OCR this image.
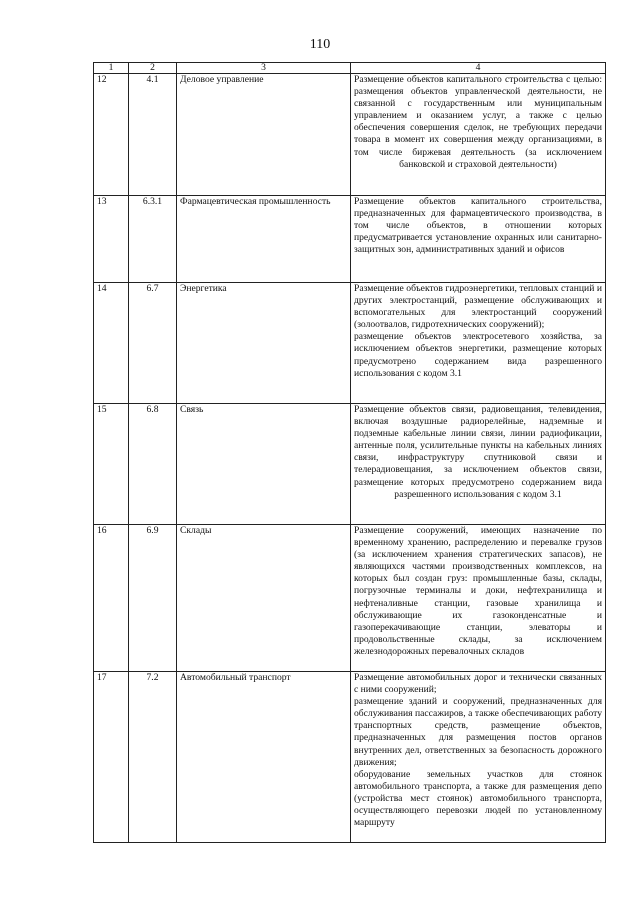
110
1	2	3	4
12	4.1	Деловое управление	Размещение объектов капитального строительства с целью: размещения объектов управленческой деятельности, не связанной с государственным или муниципальным управлением и оказанием услуг, а также с целью обеспечения совершения сделок, не требующих передачи товара в момент их совершения между организациями, в том числе биржевая деятельность (за исключением банковской и страховой деятельности)

13	6.3.1	Фармацевтическая промышленность	Размещение объектов капитального строительства, предназначенных для фармацевтического производства, в том числе объектов, в отношении которых предусматривается установление охранных или санитарно-защитных зон, административных зданий и офисов

14	6.7	Энергетика	Размещение объектов гидроэнергетики, тепловых станций и других электростанций, размещение обслуживающих и вспомогательных для электростанций сооружений (золоотвалов, гидротехнических сооружений);

размещение объектов электросетевого хозяйства, за исключением объектов энергетики, размещение которых предусмотрено содержанием вида разрешенного использования с кодом 3.1

15	6.8	Связь	Размещение объектов связи, радиовещания, телевидения, включая воздушные радиорелейные, надземные и подземные кабельные линии связи, линии радиофикации, антенные поля, усилительные пункты на кабельных линиях связи, инфраструктуру спутниковой связи и телерадиовещания, за исключением объектов связи, размещение которых предусмотрено содержанием вида разрешенного использования с кодом 3.1

16	6.9	Склады	Размещение сооружений, имеющих назначение по временному хранению, распределению и перевалке грузов (за исключением хранения стратегических запасов), не являющихся частями производственных комплексов, на которых был создан груз: промышленные базы, склады, погрузочные терминалы и доки, нефтехранилища и нефтеналивные станции, газовые хранилища и обслуживающие их газоконденсатные и газоперекачивающие станции, элеваторы и продовольственные склады, за исключением железнодорожных перевалочных складов

17	7.2	Автомобильный транспорт	Размещение автомобильных дорог и технически связанных с ними сооружений;

размещение зданий и сооружений, предназначенных для обслуживания пассажиров, а также обеспечивающих работу транспортных средств, размещение объектов, предназначенных для размещения постов органов внутренних дел, ответственных за безопасность дорожного движения;

оборудование земельных участков для стоянок автомобильного транспорта, а также для размещения депо (устройства мест стоянок) автомобильного транспорта, осуществляющего перевозки людей по установленному маршруту
